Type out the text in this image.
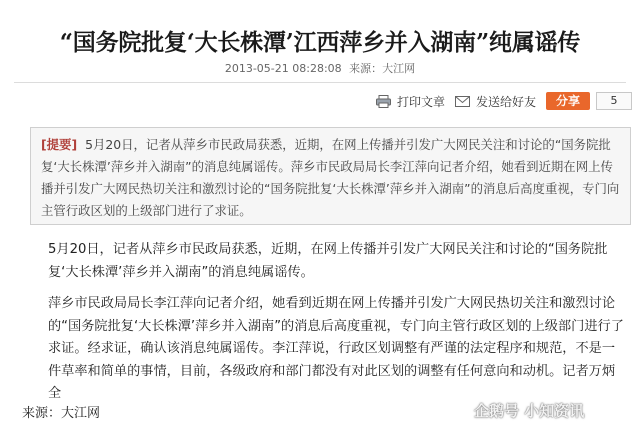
“国务院批复‘大长株潭’江西萍乡并入湖南”纯属谣传
2013-05-21 08:28:08 来源：大江网
打印文章	发送给好友	分享	5
[提要] 5月20日，记者从萍乡市民政局获悉，近期，在网上传播并引发广大网民关注和讨论的“国务院批复‘大长株潭’萍乡并入湖南”的消息纯属谣传。萍乡市民政局局长李江萍向记者介绍，她看到近期在网上传播并引发广大网民热切关注和激烈讨论的“国务院批复‘大长株潭’萍乡并入湖南”的消息后高度重视，专门向主管行政区划的上级部门进行了求证。
5月20日，记者从萍乡市民政局获悉，近期，在网上传播并引发广大网民关注和讨论的“国务院批复‘大长株潭’萍乡并入湖南”的消息纯属谣传。
萍乡市民政局局长李江萍向记者介绍，她看到近期在网上传播并引发广大网民热切关注和激烈讨论的“国务院批复‘大长株潭’萍乡并入湖南”的消息后高度重视，专门向主管行政区划的上级部门进行了求证。经求证，确认该消息纯属谣传。李江萍说，行政区划调整有严谨的法定程序和规范，不是一件草率和简单的事情，目前，各级政府和部门都没有对此区划的调整有任何意向和动机。记者万炳全
来源：大江网	企鹅号 小知资讯
